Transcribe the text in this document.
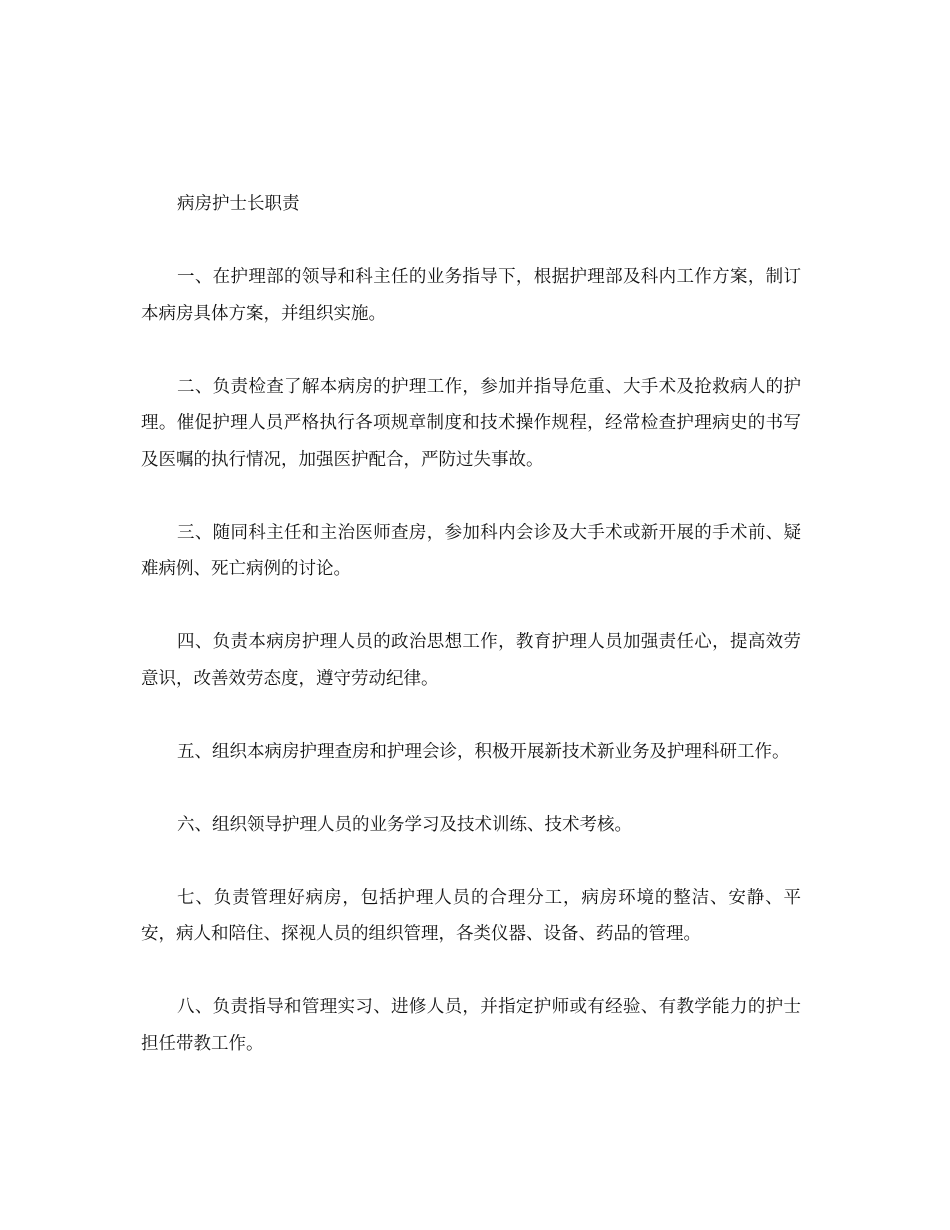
病房护士长职责

一、在护理部的领导和科主任的业务指导下，根据护理部及科内工作方案，制订本病房具体方案，并组织实施。

二、负责检查了解本病房的护理工作，参加并指导危重、大手术及抢救病人的护理。催促护理人员严格执行各项规章制度和技术操作规程，经常检查护理病史的书写及医嘱的执行情况，加强医护配合，严防过失事故。

三、随同科主任和主治医师查房，参加科内会诊及大手术或新开展的手术前、疑难病例、死亡病例的讨论。

四、负责本病房护理人员的政治思想工作，教育护理人员加强责任心，提高效劳意识，改善效劳态度，遵守劳动纪律。

五、组织本病房护理查房和护理会诊，积极开展新技术新业务及护理科研工作。

六、组织领导护理人员的业务学习及技术训练、技术考核。

七、负责管理好病房，包括护理人员的合理分工，病房环境的整洁、安静、平安，病人和陪住、探视人员的组织管理，各类仪器、设备、药品的管理。

八、负责指导和管理实习、进修人员，并指定护师或有经验、有教学能力的护士担任带教工作。
